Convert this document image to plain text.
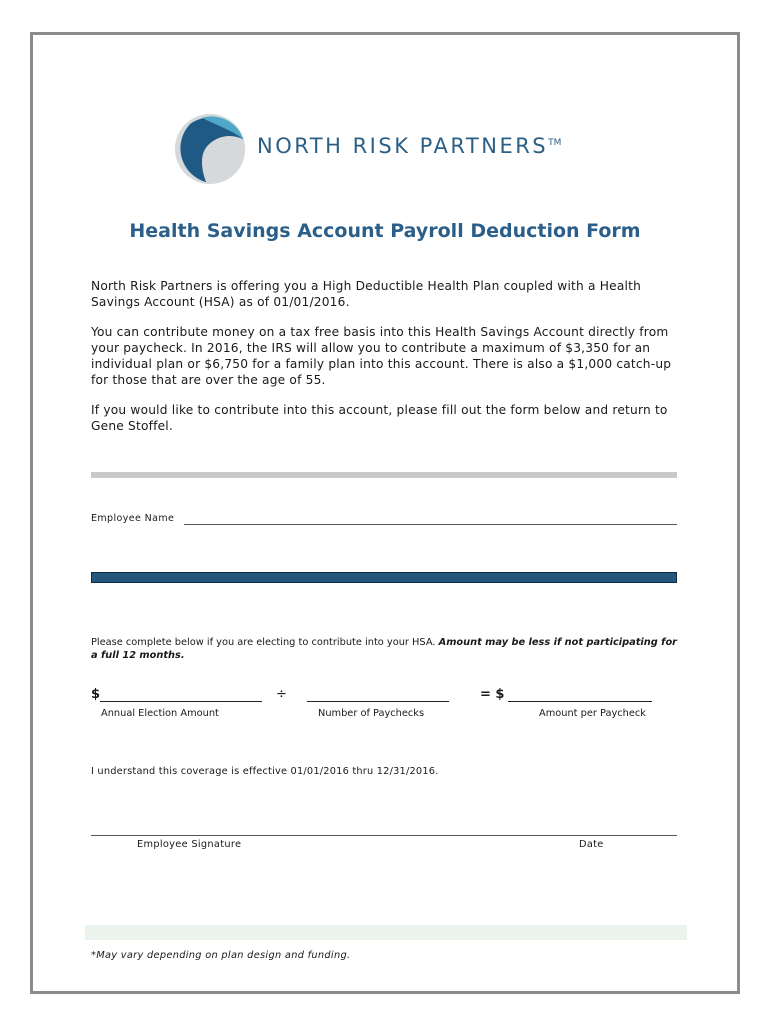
NORTH RISK PARTNERS™
Health Savings Account Payroll Deduction Form

North Risk Partners is offering you a High Deductible Health Plan coupled with a Health Savings Account (HSA) as of 01/01/2016.

You can contribute money on a tax free basis into this Health Savings Account directly from your paycheck. In 2016, the IRS will allow you to contribute a maximum of $3,350 for an individual plan or $6,750 for a family plan into this account. There is also a $1,000 catch-up for those that are over the age of 55.

If you would like to contribute into this account, please fill out the form below and return to Gene Stoffel.

Employee Name

Please complete below if you are electing to contribute into your HSA. Amount may be less if not participating for a full 12 months.

$
Annual Election Amount
÷
Number of Paychecks
= $
Amount per Paycheck

I understand this coverage is effective 01/01/2016 thru 12/31/2016.

Employee Signature	Date

*May vary depending on plan design and funding.
